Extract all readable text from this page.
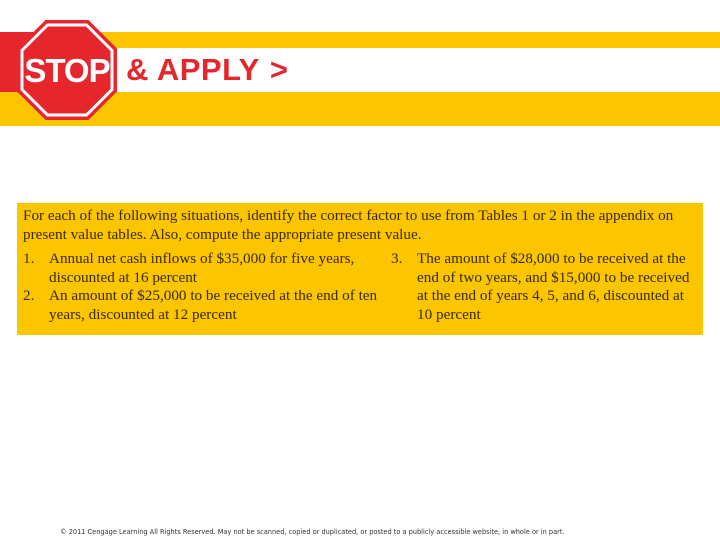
STOP & APPLY >

For each of the following situations, identify the correct factor to use from Tables 1 or 2 in the appendix on present value tables. Also, compute the appropriate present value.

1. Annual net cash inflows of $35,000 for five years, discounted at 16 percent
2. An amount of $25,000 to be received at the end of ten years, discounted at 12 percent
3. The amount of $28,000 to be received at the end of two years, and $15,000 to be received at the end of years 4, 5, and 6, discounted at 10 percent
© 2011 Cengage Learning All Rights Reserved. May not be scanned, copied or duplicated, or posted to a publicly accessible website, in whole or in part.
